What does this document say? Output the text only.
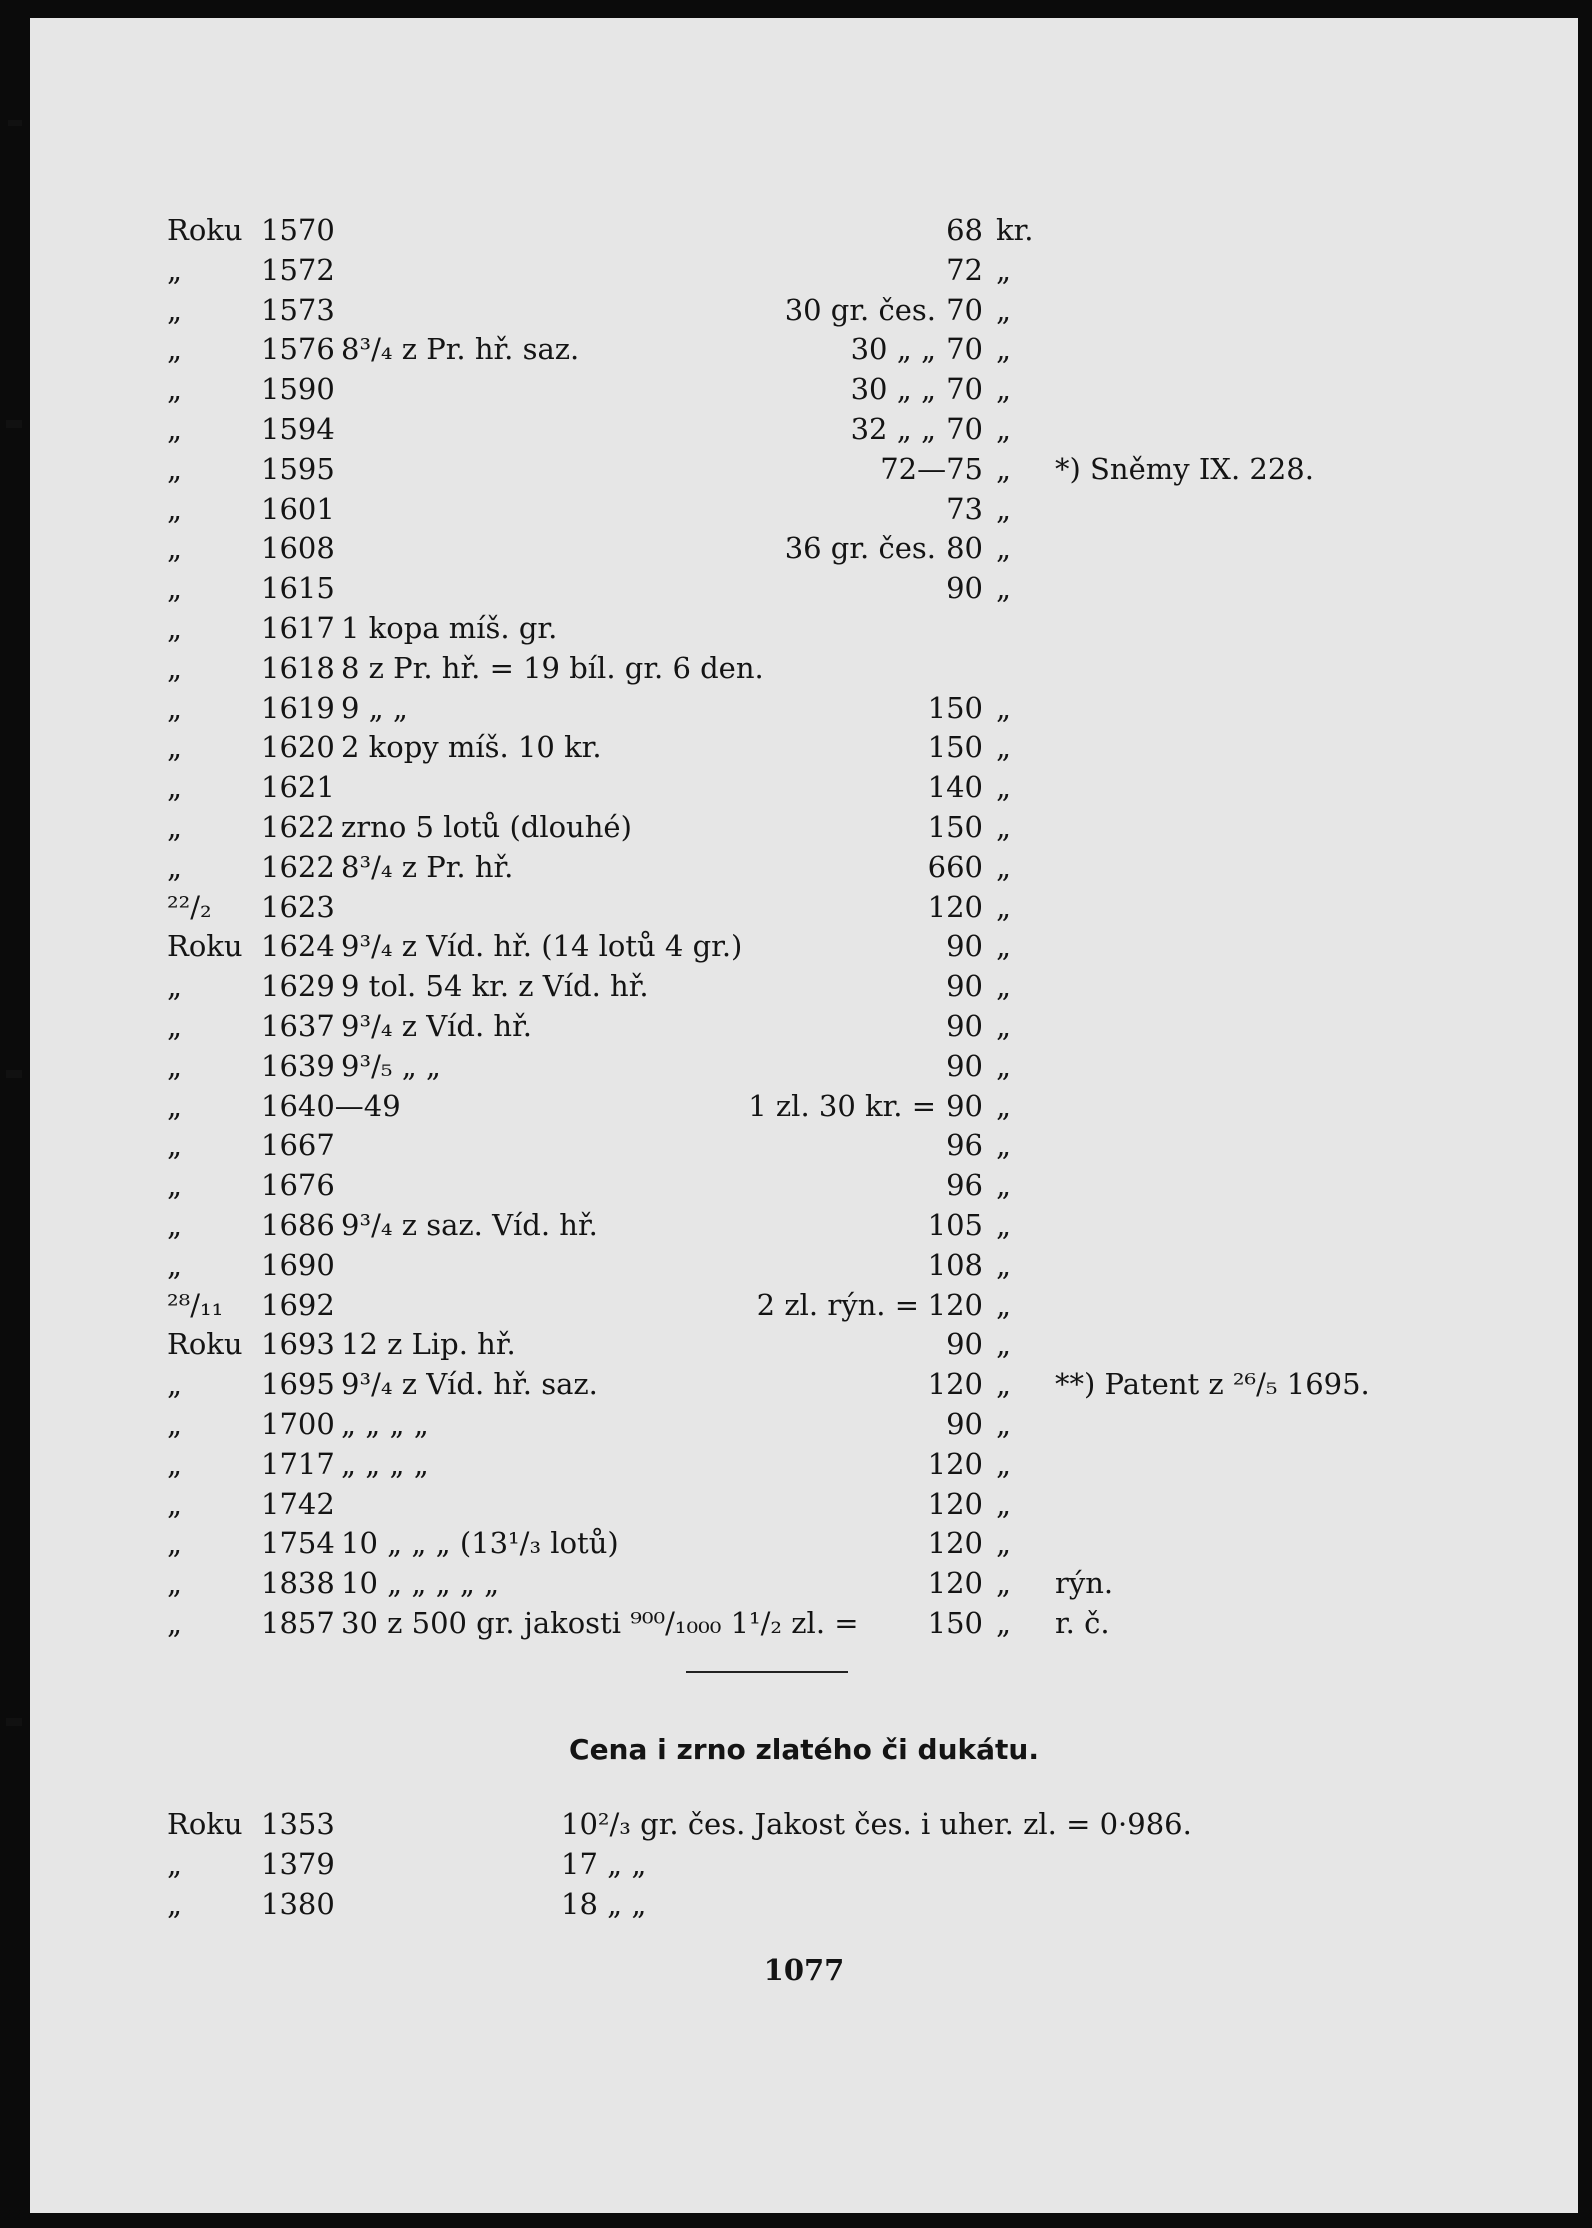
Roku 1570	68 kr.
„	1572	72 „
„	1573	30 gr. čes. 70 „
„	1576 8³/₄ z Pr. hř. saz.	30 „ „ 70 „
„	1590	30 „ „ 70 „
„	1594	32 „ „ 70 „
„	1595	72—75 „ *) Sněmy IX. 228.
„	1601	73 „
„	1608	36 gr. čes. 80 „
„	1615	90 „
„	1617 1 kopa míš. gr.
„	1618 8 z Pr. hř. = 19 bíl. gr. 6 den.
„	1619 9 „ „	150 „
„	1620 2 kopy míš. 10 kr.	150 „
„	1621	140 „
„	1622 zrno 5 lotů (dlouhé)	150 „
„	1622 8³/₄ z Pr. hř.	660 „
²²/₂ 1623	120 „
Roku 1624 9³/₄ z Víd. hř. (14 lotů 4 gr.)	90 „
„	1629 9 tol. 54 kr. z Víd. hř.	90 „
„	1637 9³/₄ z Víd. hř.	90 „
„	1639 9³/₅ „ „	90 „
„	1640—49	1 zl. 30 kr. = 90 „
„	1667	96 „
„	1676	96 „
„	1686 9³/₄ z saz. Víd. hř.	105 „
„	1690	108 „
²⁸/₁₁ 1692	2 zl. rýn. = 120 „
Roku 1693 12 z Lip. hř.	90 „
„	1695 9³/₄ z Víd. hř. saz.	120 „ **) Patent z ²⁶/₅ 1695.
„	1700 „ „ „ „	90 „
„	1717 „ „ „ „	120 „
„	1742	120 „
„	1754 10 „ „ „ (13¹/₃ lotů)	120 „
„	1838 10 „ „ „ „ „	120 „ rýn.
„	1857 30 z 500 gr. jakosti ⁹⁰⁰/₁₀₀₀ 1¹/₂ zl. = 150 „ r. č.
Cena i zrno zlatého či dukátu.
Roku 1353	10²/₃ gr. čes. Jakost čes. i uher. zl. = 0·986.
„	1379	17 „ „
„	1380	18 „ „
1077
